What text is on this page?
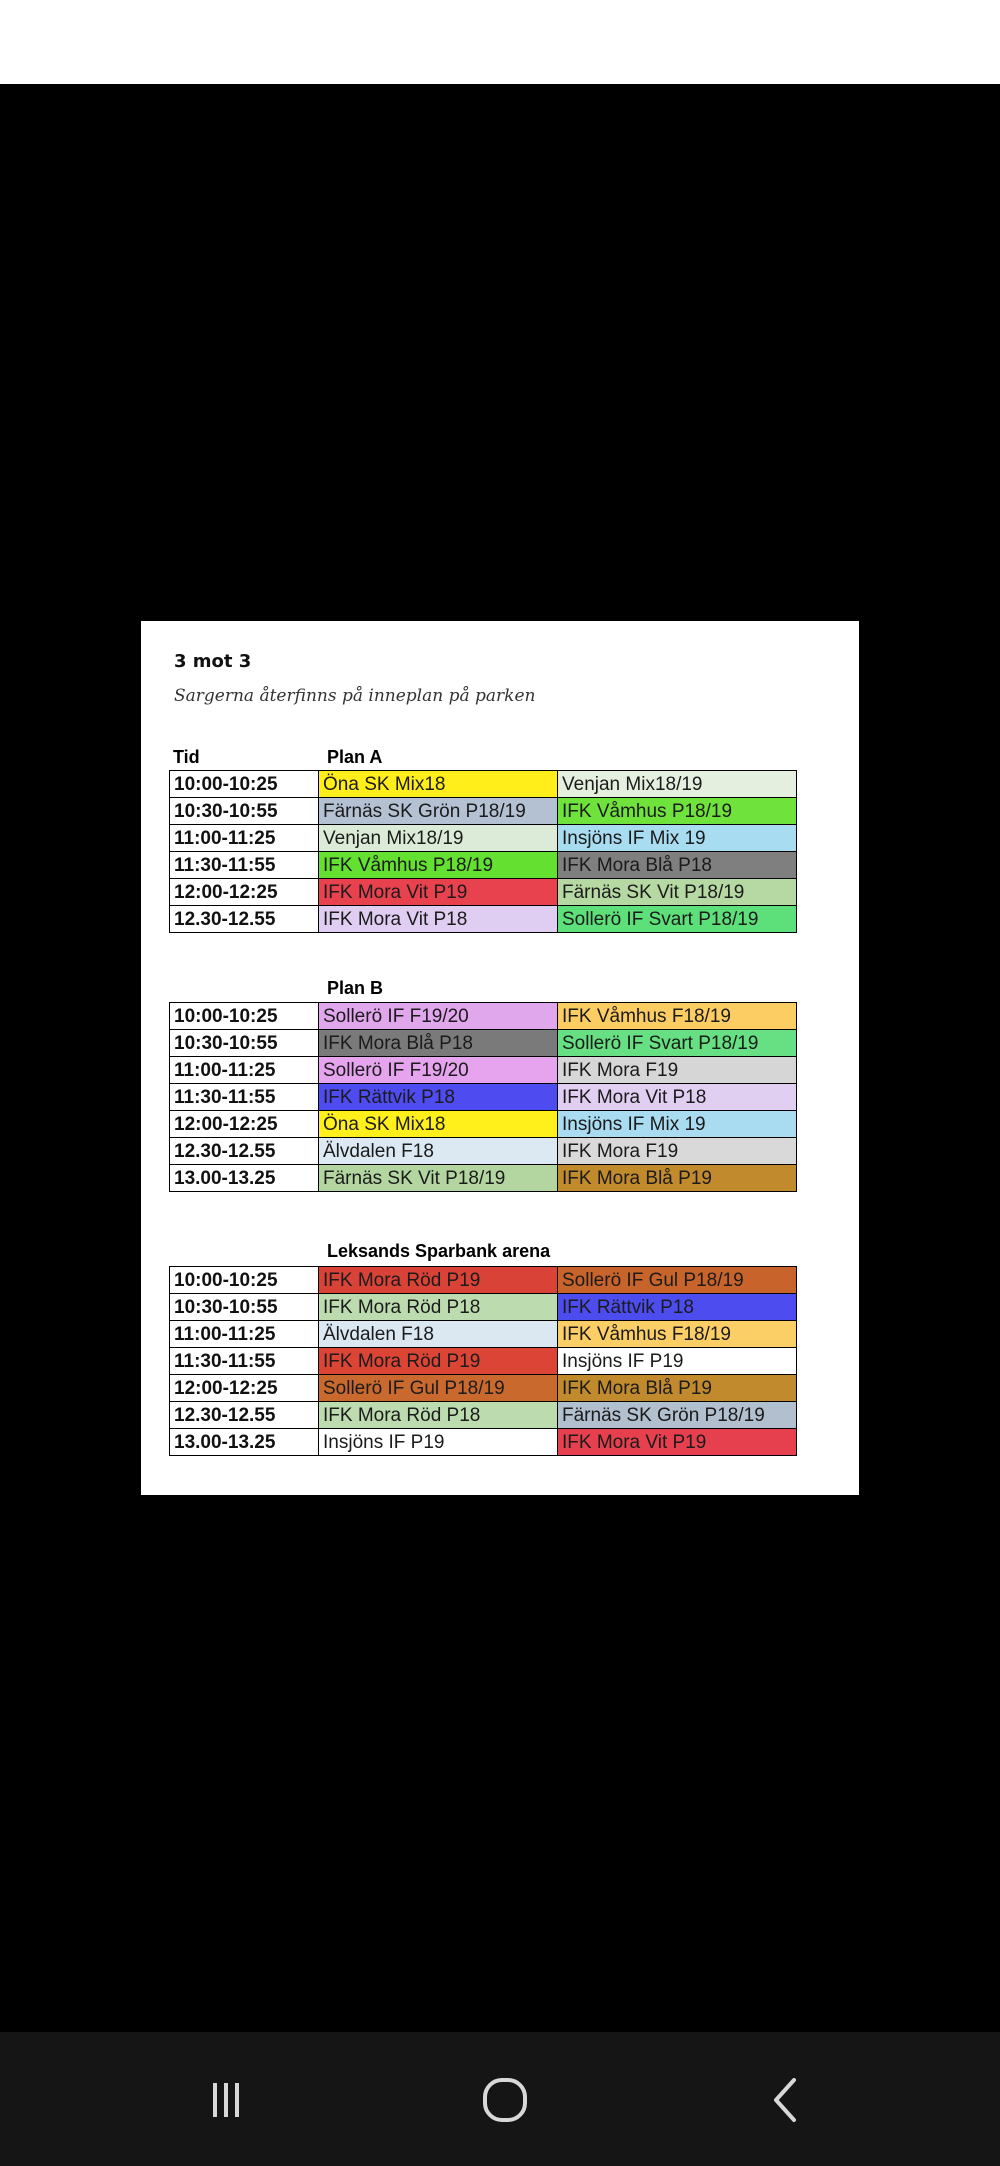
3 mot 3
Sargerna återfinns på inneplan på parken
Tid	Plan A
10:00-10:25	Öna SK Mix18	Venjan Mix18/19
10:30-10:55	Färnäs SK Grön P18/19	IFK Våmhus P18/19
11:00-11:25	Venjan Mix18/19	Insjöns IF Mix 19
11:30-11:55	IFK Våmhus P18/19	IFK Mora Blå P18
12:00-12:25	IFK Mora Vit P19	Färnäs SK Vit P18/19
12.30-12.55	IFK Mora Vit P18	Sollerö IF Svart P18/19
Plan B
10:00-10:25	Sollerö IF F19/20	IFK Våmhus F18/19
10:30-10:55	IFK Mora Blå P18	Sollerö IF Svart P18/19
11:00-11:25	Sollerö IF F19/20	IFK Mora F19
11:30-11:55	IFK Rättvik P18	IFK Mora Vit P18
12:00-12:25	Öna SK Mix18	Insjöns IF Mix 19
12.30-12.55	Älvdalen F18	IFK Mora F19
13.00-13.25	Färnäs SK Vit P18/19	IFK Mora Blå P19
Leksands Sparbank arena
10:00-10:25	IFK Mora Röd P19	Sollerö IF Gul P18/19
10:30-10:55	IFK Mora Röd P18	IFK Rättvik P18
11:00-11:25	Älvdalen F18	IFK Våmhus F18/19
11:30-11:55	IFK Mora Röd P19	Insjöns IF P19
12:00-12:25	Sollerö IF Gul P18/19	IFK Mora Blå P19
12.30-12.55	IFK Mora Röd P18	Färnäs SK Grön P18/19
13.00-13.25	Insjöns IF P19	IFK Mora Vit P19
